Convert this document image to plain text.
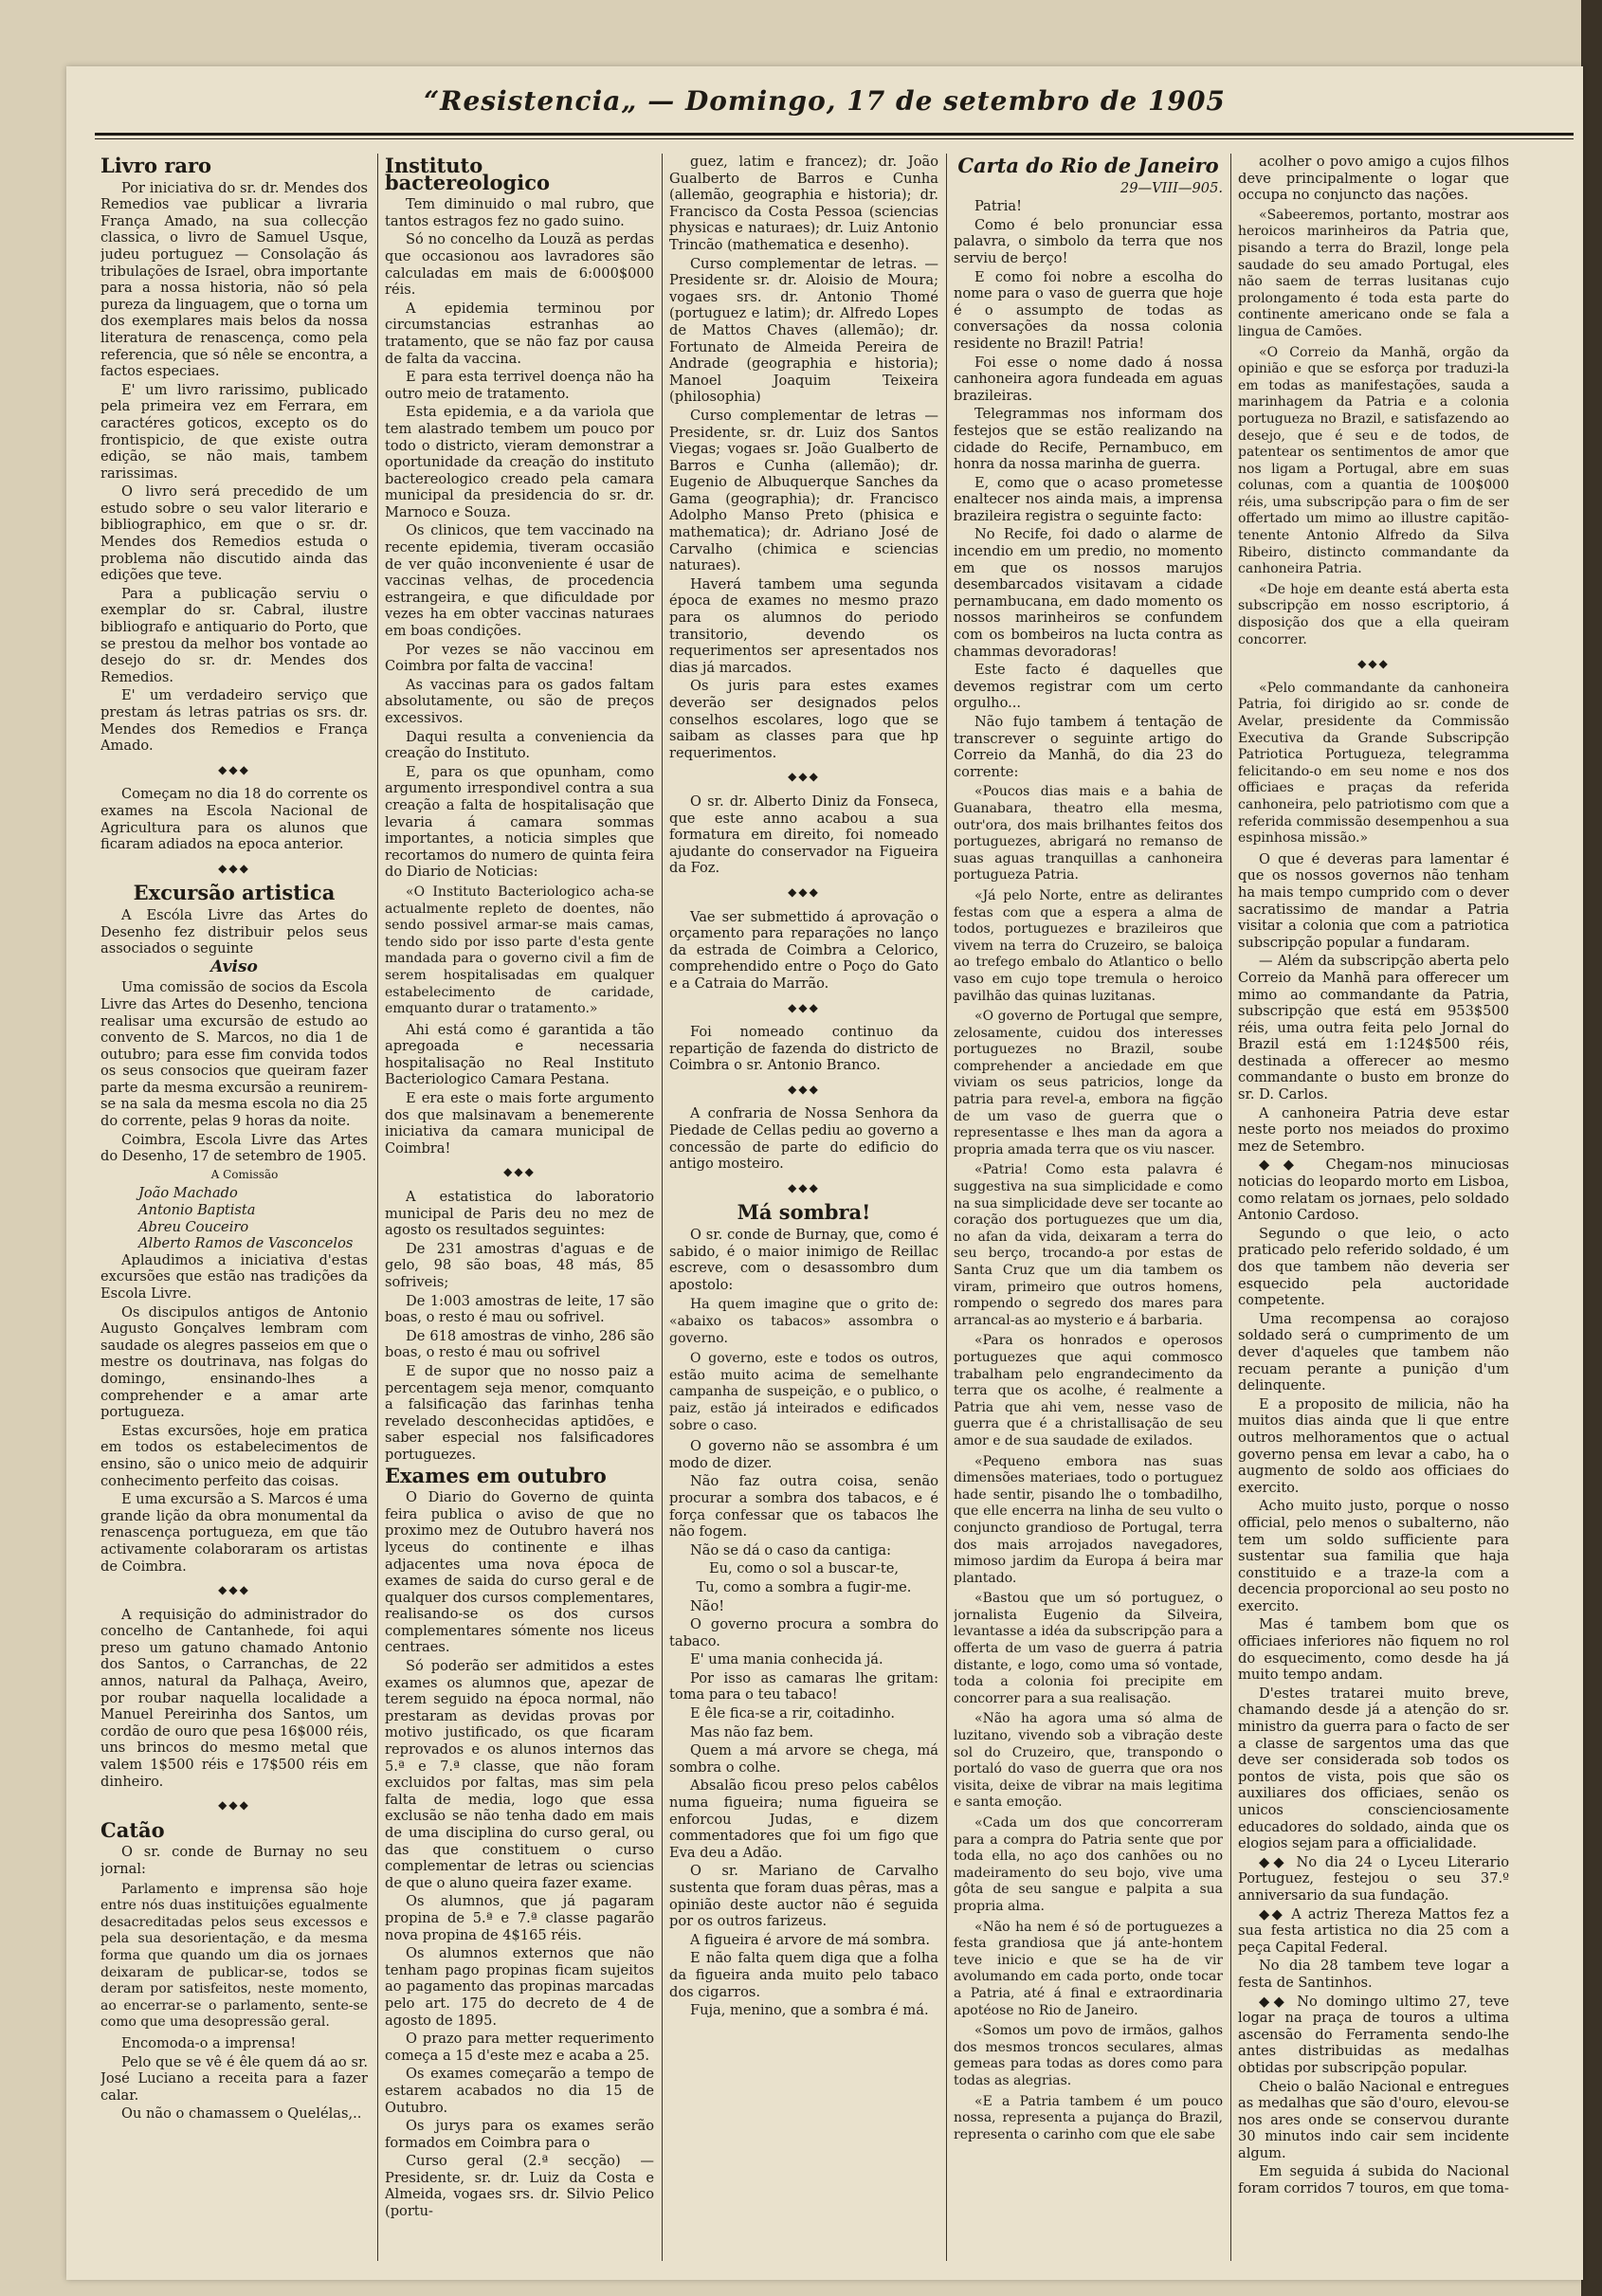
“Resistencia„ — Domingo, 17 de setembro de 1905
Livro raro

Por iniciativa do sr. dr. Mendes dos Remedios vae publicar a livraria França Amado, na sua collecção classica, o livro de Samuel Usque, judeu portuguez — Consolação ás tribulações de Israel, obra importante para a nossa historia, não só pela pureza da linguagem, que o torna um dos exemplares mais belos da nossa literatura de renascença, como pela referencia, que só nêle se encontra, a factos especiaes.

E' um livro rarissimo, publicado pela primeira vez em Ferrara, em caractéres goticos, excepto os do frontispicio, de que existe outra edição, se não mais, tambem rarissimas.

O livro será precedido de um estudo sobre o seu valor literario e bibliographico, em que o sr. dr. Mendes dos Remedios estuda o problema não discutido ainda das edições que teve.

Para a publicação serviu o exemplar do sr. Cabral, ilustre bibliografo e antiquario do Porto, que se prestou da melhor bos vontade ao desejo do sr. dr. Mendes dos Remedios.

E' um verdadeiro serviço que prestam ás letras patrias os srs. dr. Mendes dos Remedios e França Amado.

◆◆◆

Começam no dia 18 do corrente os exames na Escola Nacional de Agricultura para os alunos que ficaram adiados na epoca anterior.

◆◆◆
Excursão artistica

A Escóla Livre das Artes do Desenho fez distribuir pelos seus associados o seguinte

Aviso

Uma comissão de socios da Escola Livre das Artes do Desenho, tenciona realisar uma excursão de estudo ao convento de S. Marcos, no dia 1 de outubro; para esse fim convida todos os seus consocios que queiram fazer parte da mesma excursão a reunirem-se na sala da mesma escola no dia 25 do corrente, pelas 9 horas da noite.

Coimbra, Escola Livre das Artes do Desenho, 17 de setembro de 1905.

A Comissão

João Machado

Antonio Baptista

Abreu Couceiro

Alberto Ramos de Vasconcelos

Aplaudimos a iniciativa d'estas excursões que estão nas tradições da Escola Livre.

Os discipulos antigos de Antonio Augusto Gonçalves lembram com saudade os alegres passeios em que o mestre os doutrinava, nas folgas do domingo, ensinando-lhes a comprehender e a amar arte portugueza.

Estas excursões, hoje em pratica em todos os estabelecimentos de ensino, são o unico meio de adquirir conhecimento perfeito das coisas.

E uma excursão a S. Marcos é uma grande lição da obra monumental da renascença portugueza, em que tão activamente colaboraram os artistas de Coimbra.

◆◆◆

A requisição do administrador do concelho de Cantanhede, foi aqui preso um gatuno chamado Antonio dos Santos, o Carranchas, de 22 annos, natural da Palhaça, Aveiro, por roubar naquella localidade a Manuel Pereirinha dos Santos, um cordão de ouro que pesa 16$000 réis, uns brincos do mesmo metal que valem 1$500 réis e 17$500 réis em dinheiro.

◆◆◆
Catão

O sr. conde de Burnay no seu jornal:

Parlamento e imprensa são hoje entre nós duas instituições egualmente desacreditadas pelos seus excessos e pela sua desorientação, e da mesma forma que quando um dia os jornaes deixaram de publicar-se, todos se deram por satisfeitos, neste momento, ao encerrar-se o parlamento, sente-se como que uma desopressão geral.

Encomoda-o a imprensa!

Pelo que se vê é êle quem dá ao sr. José Luciano a receita para a fazer calar.

Ou não o chamassem o Quelélas,..

Instituto bactereologico

Tem diminuido o mal rubro, que tantos estragos fez no gado suino.

Só no concelho da Louzã as perdas que occasionou aos lavradores são calculadas em mais de 6:000$000 réis.

A epidemia terminou por circumstancias estranhas ao tratamento, que se não faz por causa de falta da vaccina.

E para esta terrivel doença não ha outro meio de tratamento.

Esta epidemia, e a da variola que tem alastrado tembem um pouco por todo o districto, vieram demonstrar a oportunidade da creação do instituto bactereologico creado pela camara municipal da presidencia do sr. dr. Marnoco e Souza.

Os clinicos, que tem vaccinado na recente epidemia, tiveram occasião de ver quão inconveniente é usar de vaccinas velhas, de procedencia estrangeira, e que dificuldade por vezes ha em obter vaccinas naturaes em boas condições.

Por vezes se não vaccinou em Coimbra por falta de vaccina!

As vaccinas para os gados faltam absolutamente, ou são de preços excessivos.

Daqui resulta a conveniencia da creação do Instituto.

E, para os que opunham, como argumento irrespondivel contra a sua creação a falta de hospitalisação que levaria á camara sommas importantes, a noticia simples que recortamos do numero de quinta feira do Diario de Noticias:

«O Instituto Bacteriologico acha-se actualmente repleto de doentes, não sendo possivel armar-se mais camas, tendo sido por isso parte d'esta gente mandada para o governo civil a fim de serem hospitalisadas em qualquer estabelecimento de caridade, emquanto durar o tratamento.»

Ahi está como é garantida a tão apregoada e necessaria hospitalisação no Real Instituto Bacteriologico Camara Pestana.

E era este o mais forte argumento dos que malsinavam a benemerente iniciativa da camara municipal de Coimbra!

◆◆◆

A estatistica do laboratorio municipal de Paris deu no mez de agosto os resultados seguintes:

De 231 amostras d'aguas e de gelo, 98 são boas, 48 más, 85 sofriveis;

De 1:003 amostras de leite, 17 são boas, o resto é mau ou sofrivel.

De 618 amostras de vinho, 286 são boas, o resto é mau ou sofrivel

E de supor que no nosso paiz a percentagem seja menor, comquanto a falsificação das farinhas tenha revelado desconhecidas aptidões, e saber especial nos falsificadores portuguezes.

Exames em outubro

O Diario do Governo de quinta feira publica o aviso de que no proximo mez de Outubro haverá nos lyceus do continente e ilhas adjacentes uma nova época de exames de saida do curso geral e de qualquer dos cursos complementares, realisando-se os dos cursos complementares sómente nos liceus centraes.

Só poderão ser admitidos a estes exames os alumnos que, apezar de terem seguido na época normal, não prestaram as devidas provas por motivo justificado, os que ficaram reprovados e os alunos internos das 5.ª e 7.ª classe, que não foram excluidos por faltas, mas sim pela falta de media, logo que essa exclusão se não tenha dado em mais de uma disciplina do curso geral, ou das que constituem o curso complementar de letras ou sciencias de que o aluno queira fazer exame.

Os alumnos, que já pagaram propina de 5.ª e 7.ª classe pagarão nova propina de 4$165 réis.

Os alumnos externos que não tenham pago propinas ficam sujeitos ao pagamento das propinas marcadas pelo art. 175 do decreto de 4 de agosto de 1895.

O prazo para metter requerimento começa a 15 d'este mez e acaba a 25.

Os exames começarão a tempo de estarem acabados no dia 15 de Outubro.

Os jurys para os exames serão formados em Coimbra para o

Curso geral (2.ª secção) — Presidente, sr. dr. Luiz da Costa e Almeida, vogaes srs. dr. Silvio Pelico (portu-

guez, latim e francez); dr. João Gualberto de Barros e Cunha (allemão, geographia e historia); dr. Francisco da Costa Pessoa (sciencias physicas e naturaes); dr. Luiz Antonio Trincão (mathematica e desenho).

Curso complementar de letras. — Presidente sr. dr. Aloisio de Moura; vogaes srs. dr. Antonio Thomé (portuguez e latim); dr. Alfredo Lopes de Mattos Chaves (allemão); dr. Fortunato de Almeida Pereira de Andrade (geographia e historia); Manoel Joaquim Teixeira (philosophia)

Curso complementar de letras — Presidente, sr. dr. Luiz dos Santos Viegas; vogaes sr. João Gualberto de Barros e Cunha (allemão); dr. Eugenio de Albuquerque Sanches da Gama (geographia); dr. Francisco Adolpho Manso Preto (phisica e mathematica); dr. Adriano José de Carvalho (chimica e sciencias naturaes).

Haverá tambem uma segunda época de exames no mesmo prazo para os alumnos do periodo transitorio, devendo os requerimentos ser apresentados nos dias já marcados.

Os juris para estes exames deverão ser designados pelos conselhos escolares, logo que se saibam as classes para que hp requerimentos.

◆◆◆

O sr. dr. Alberto Diniz da Fonseca, que este anno acabou a sua formatura em direito, foi nomeado ajudante do conservador na Figueira da Foz.

◆◆◆

Vae ser submettido á aprovação o orçamento para reparações no lanço da estrada de Coimbra a Celorico, comprehendido entre o Poço do Gato e a Catraia do Marrão.

◆◆◆

Foi nomeado continuo da repartição de fazenda do districto de Coimbra o sr. Antonio Branco.

◆◆◆

A confraria de Nossa Senhora da Piedade de Cellas pediu ao governo a concessão de parte do edificio do antigo mosteiro.

◆◆◆
Má sombra!

O sr. conde de Burnay, que, como é sabido, é o maior inimigo de Reillac escreve, com o desassombro dum apostolo:

Ha quem imagine que o grito de: «abaixo os tabacos» assombra o governo.

O governo, este e todos os outros, estão muito acima de semelhante campanha de suspeição, e o publico, o paiz, estão já inteirados e edificados sobre o caso.

O governo não se assombra é um modo de dizer.

Não faz outra coisa, senão procurar a sombra dos tabacos, e é força confessar que os tabacos lhe não fogem.

Não se dá o caso da cantiga:

Eu, como o sol a buscar-te,

Tu, como a sombra a fugir-me.

Não!

O governo procura a sombra do tabaco.

E' uma mania conhecida já.

Por isso as camaras lhe gritam: toma para o teu tabaco!

E êle fica-se a rir, coitadinho.

Mas não faz bem.

Quem a má arvore se chega, má sombra o colhe.

Absalão ficou preso pelos cabêlos numa figueira; numa figueira se enforcou Judas, e dizem commentadores que foi um figo que Eva deu a Adão.

O sr. Mariano de Carvalho sustenta que foram duas pêras, mas a opinião deste auctor não é seguida por os outros farizeus.

A figueira é arvore de má sombra.

E não falta quem diga que a folha da figueira anda muito pelo tabaco dos cigarros.

Fuja, menino, que a sombra é má.

Carta do Rio de Janeiro

29—VIII—905.

Patria!

Como é belo pronunciar essa palavra, o simbolo da terra que nos serviu de berço!

E como foi nobre a escolha do nome para o vaso de guerra que hoje é o assumpto de todas as conversações da nossa colonia residente no Brazil! Patria!

Foi esse o nome dado á nossa canhoneira agora fundeada em aguas brazileiras.

Telegrammas nos informam dos festejos que se estão realizando na cidade do Recife, Pernambuco, em honra da nossa marinha de guerra.

E, como que o acaso prometesse enaltecer nos ainda mais, a imprensa brazileira registra o seguinte facto:

No Recife, foi dado o alarme de incendio em um predio, no momento em que os nossos marujos desembarcados visitavam a cidade pernambucana, em dado momento os nossos marinheiros se confundem com os bombeiros na lucta contra as chammas devoradoras!

Este facto é daquelles que devemos registrar com um certo orgulho...

Não fujo tambem á tentação de transcrever o seguinte artigo do Correio da Manhã, do dia 23 do corrente:

«Poucos dias mais e a bahia de Guanabara, theatro ella mesma, outr'ora, dos mais brilhantes feitos dos portuguezes, abrigará no remanso de suas aguas tranquillas a canhoneira portugueza Patria.

«Já pelo Norte, entre as delirantes festas com que a espera a alma de todos, portuguezes e brazileiros que vivem na terra do Cruzeiro, se baloiça ao trefego embalo do Atlantico o bello vaso em cujo tope tremula o heroico pavilhão das quinas luzitanas.

«O governo de Portugal que sempre, zelosamente, cuidou dos interesses portuguezes no Brazil, soube comprehender a anciedade em que viviam os seus patricios, longe da patria para revel-a, embora na figção de um vaso de guerra que o representasse e lhes man da agora a propria amada terra que os viu nascer.

«Patria! Como esta palavra é suggestiva na sua simplicidade e como na sua simplicidade deve ser tocante ao coração dos portuguezes que um dia, no afan da vida, deixaram a terra do seu berço, trocando-a por estas de Santa Cruz que um dia tambem os viram, primeiro que outros homens, rompendo o segredo dos mares para arrancal-as ao mysterio e á barbaria.

«Para os honrados e operosos portuguezes que aqui commosco trabalham pelo engrandecimento da terra que os acolhe, é realmente a Patria que ahi vem, nesse vaso de guerra que é a christallisação de seu amor e de sua saudade de exilados.

«Pequeno embora nas suas dimensões materiaes, todo o portuguez hade sentir, pisando lhe o tombadilho, que elle encerra na linha de seu vulto o conjuncto grandioso de Portugal, terra dos mais arrojados navegadores, mimoso jardim da Europa á beira mar plantado.

«Bastou que um só portuguez, o jornalista Eugenio da Silveira, levantasse a idéa da subscripção para a offerta de um vaso de guerra á patria distante, e logo, como uma só vontade, toda a colonia foi precipite em concorrer para a sua realisação.

«Não ha agora uma só alma de luzitano, vivendo sob a vibração deste sol do Cruzeiro, que, transpondo o portaló do vaso de guerra que ora nos visita, deixe de vibrar na mais legitima e santa emoção.

«Cada um dos que concorreram para a compra do Patria sente que por toda ella, no aço dos canhões ou no madeiramento do seu bojo, vive uma gôta de seu sangue e palpita a sua propria alma.

«Não ha nem é só de portuguezes a festa grandiosa que já ante-hontem teve inicio e que se ha de vir avolumando em cada porto, onde tocar a Patria, até á final e extraordinaria apotéose no Rio de Janeiro.

«Somos um povo de irmãos, galhos dos mesmos troncos seculares, almas gemeas para todas as dores como para todas as alegrias.

«E a Patria tambem é um pouco nossa, representa a pujança do Brazil, representa o carinho com que ele sabe

acolher o povo amigo a cujos filhos deve principalmente o logar que occupa no conjuncto das nações.

«Sabeeremos, portanto, mostrar aos heroicos marinheiros da Patria que, pisando a terra do Brazil, longe pela saudade do seu amado Portugal, eles não saem de terras lusitanas cujo prolongamento é toda esta parte do continente americano onde se fala a lingua de Camões.

«O Correio da Manhã, orgão da opinião e que se esforça por traduzi-la em todas as manifestações, sauda a marinhagem da Patria e a colonia portugueza no Brazil, e satisfazendo ao desejo, que é seu e de todos, de patentear os sentimentos de amor que nos ligam a Portugal, abre em suas colunas, com a quantia de 100$000 réis, uma subscripção para o fim de ser offertado um mimo ao illustre capitão-tenente Antonio Alfredo da Silva Ribeiro, distincto commandante da canhoneira Patria.

«De hoje em deante está aberta esta subscripção em nosso escriptorio, á disposição dos que a ella queiram concorrer.

◆◆◆

«Pelo commandante da canhoneira Patria, foi dirigido ao sr. conde de Avelar, presidente da Commissão Executiva da Grande Subscripção Patriotica Portugueza, telegramma felicitando-o em seu nome e nos dos officiaes e praças da referida canhoneira, pelo patriotismo com que a referida commissão desempenhou a sua espinhosa missão.»

O que é deveras para lamentar é que os nossos governos não tenham ha mais tempo cumprido com o dever sacratissimo de mandar a Patria visitar a colonia que com a patriotica subscripção popular a fundaram.

— Além da subscripção aberta pelo Correio da Manhã para offerecer um mimo ao commandante da Patria, subscripção que está em 953$500 réis, uma outra feita pelo Jornal do Brazil está em 1:124$500 réis, destinada a offerecer ao mesmo commandante o busto em bronze do sr. D. Carlos.

A canhoneira Patria deve estar neste porto nos meiados do proximo mez de Setembro.

◆◆ Chegam-nos minuciosas noticias do leopardo morto em Lisboa, como relatam os jornaes, pelo soldado Antonio Cardoso.

Segundo o que leio, o acto praticado pelo referido soldado, é um dos que tambem não deveria ser esquecido pela auctoridade competente.

Uma recompensa ao corajoso soldado será o cumprimento de um dever d'aqueles que tambem não recuam perante a punição d'um delinquente.

E a proposito de milicia, não ha muitos dias ainda que li que entre outros melhoramentos que o actual governo pensa em levar a cabo, ha o augmento de soldo aos officiaes do exercito.

Acho muito justo, porque o nosso official, pelo menos o subalterno, não tem um soldo sufficiente para sustentar sua familia que haja constituido e a traze-la com a decencia proporcional ao seu posto no exercito.

Mas é tambem bom que os officiaes inferiores não fiquem no rol do esquecimento, como desde ha já muito tempo andam.

D'estes tratarei muito breve, chamando desde já a atenção do sr. ministro da guerra para o facto de ser a classe de sargentos uma das que deve ser considerada sob todos os pontos de vista, pois que são os auxiliares dos officiaes, senão os unicos conscienciosamente educadores do soldado, ainda que os elogios sejam para a officialidade.

◆◆ No dia 24 o Lyceu Literario Portuguez, festejou o seu 37.º anniversario da sua fundação.

◆◆ A actriz Thereza Mattos fez a sua festa artistica no dia 25 com a peça Capital Federal.

No dia 28 tambem teve logar a festa de Santinhos.

◆◆ No domingo ultimo 27, teve logar na praça de touros a ultima ascensão do Ferramenta sendo-lhe antes distribuidas as medalhas obtidas por subscripção popular.

Cheio o balão Nacional e entregues as medalhas que são d'ouro, elevou-se nos ares onde se conservou durante 30 minutos indo cair sem incidente algum.

Em seguida á subida do Nacional foram corridos 7 touros, em que toma-
